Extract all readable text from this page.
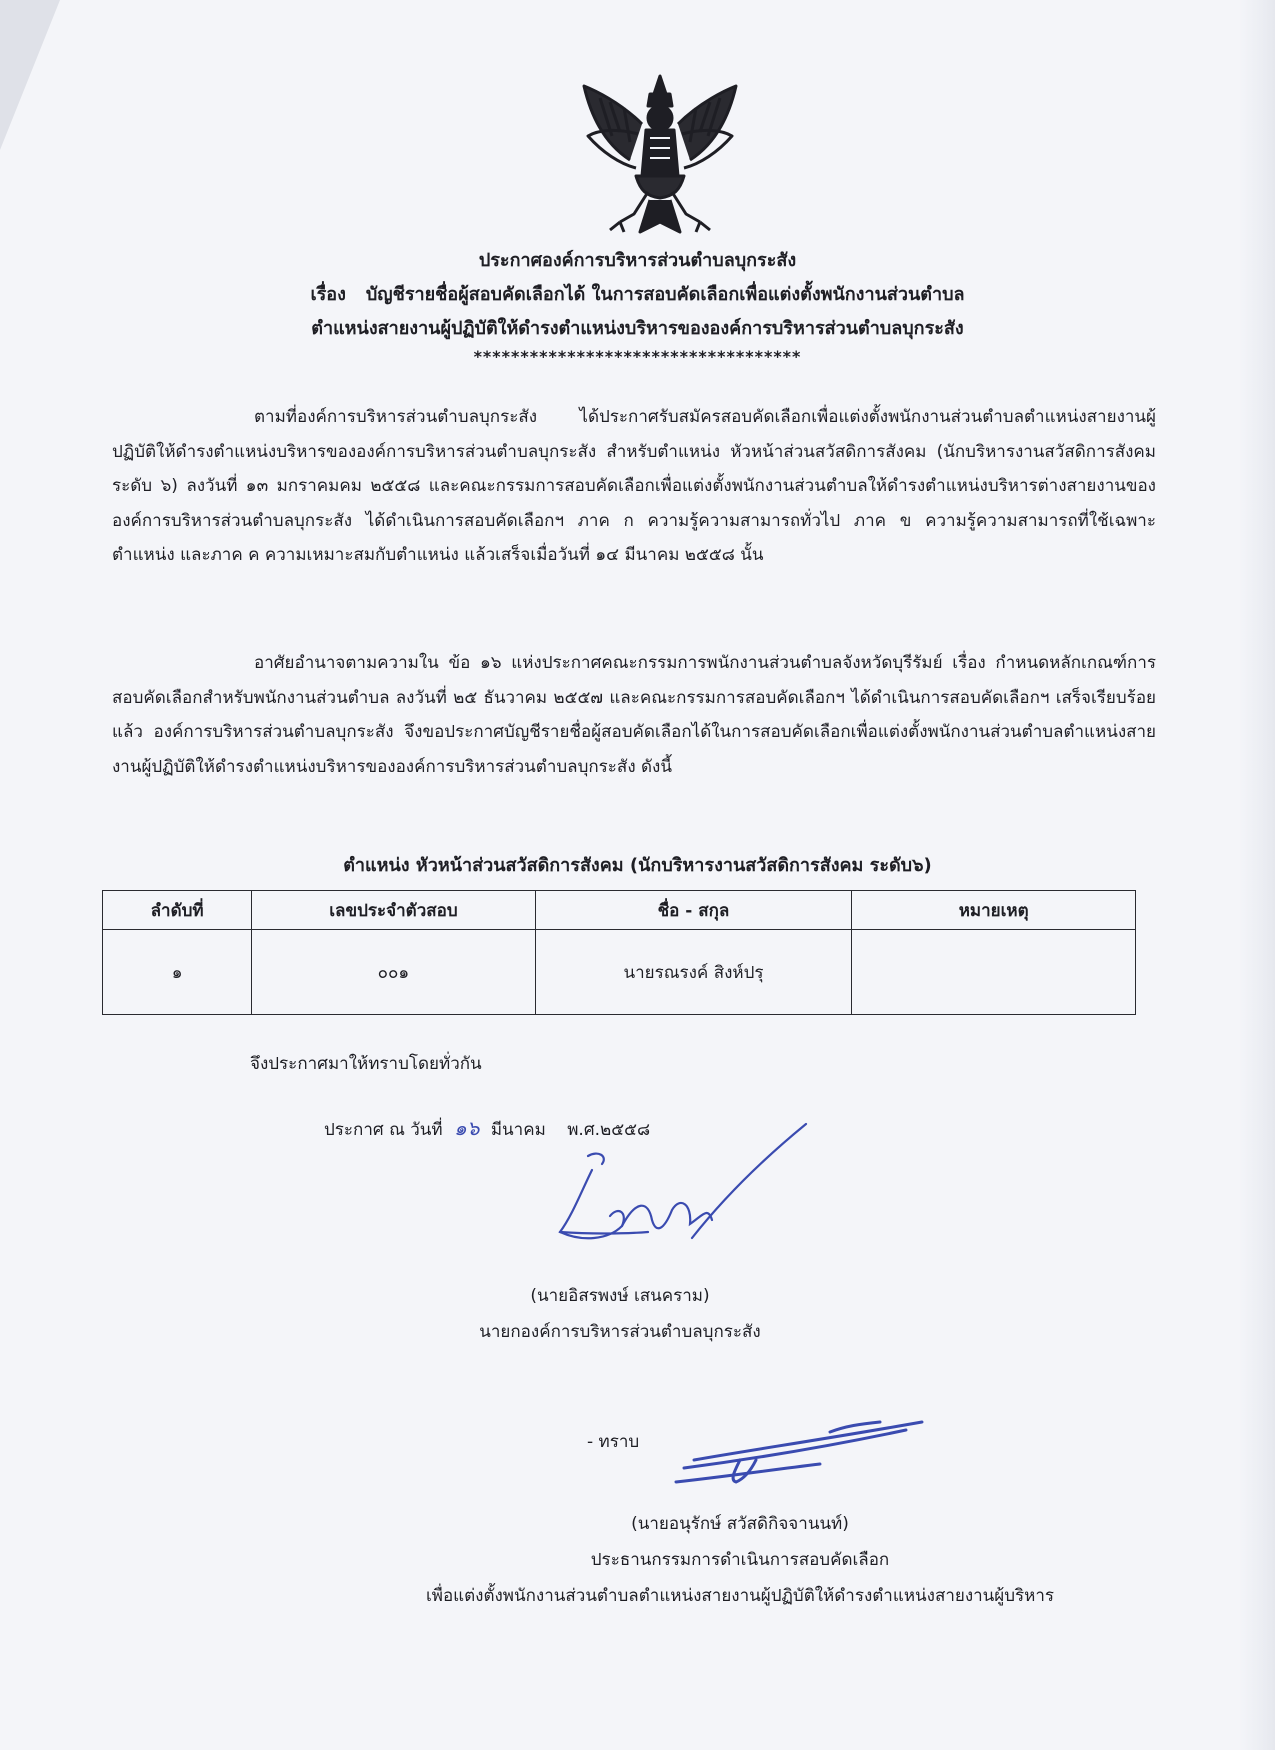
ประกาศองค์การบริหารส่วนตำบลบุกระสัง
เรื่อง บัญชีรายชื่อผู้สอบคัดเลือกได้ ในการสอบคัดเลือกเพื่อแต่งตั้งพนักงานส่วนตำบล
ตำแหน่งสายงานผู้ปฏิบัติให้ดำรงตำแหน่งบริหารขององค์การบริหารส่วนตำบลบุกระสัง
***********************************
ตามที่องค์การบริหารส่วนตำบลบุกระสัง ได้ประกาศรับสมัครสอบคัดเลือกเพื่อแต่งตั้งพนักงานส่วนตำบลตำแหน่งสายงานผู้ปฏิบัติให้ดำรงตำแหน่งบริหารขององค์การบริหารส่วนตำบลบุกระสัง สำหรับตำแหน่ง หัวหน้าส่วนสวัสดิการสังคม (นักบริหารงานสวัสดิการสังคม ระดับ ๖) ลงวันที่ ๑๓ มกราคมคม ๒๕๕๘ และคณะกรรมการสอบคัดเลือกเพื่อแต่งตั้งพนักงานส่วนตำบลให้ดำรงตำแหน่งบริหารต่างสายงานขององค์การบริหารส่วนตำบลบุกระสัง ได้ดำเนินการสอบคัดเลือกฯ ภาค ก ความรู้ความสามารถทั่วไป ภาค ข ความรู้ความสามารถที่ใช้เฉพาะตำแหน่ง และภาค ค ความเหมาะสมกับตำแหน่ง แล้วเสร็จเมื่อวันที่ ๑๔ มีนาคม ๒๕๕๘ นั้น
อาศัยอำนาจตามความใน ข้อ ๑๖ แห่งประกาศคณะกรรมการพนักงานส่วนตำบลจังหวัดบุรีรัมย์ เรื่อง กำหนดหลักเกณฑ์การสอบคัดเลือกสำหรับพนักงานส่วนตำบล ลงวันที่ ๒๕ ธันวาคม ๒๕๕๗ และคณะกรรมการสอบคัดเลือกฯ ได้ดำเนินการสอบคัดเลือกฯ เสร็จเรียบร้อยแล้ว องค์การบริหารส่วนตำบลบุกระสัง จึงขอประกาศบัญชีรายชื่อผู้สอบคัดเลือกได้ในการสอบคัดเลือกเพื่อแต่งตั้งพนักงานส่วนตำบลตำแหน่งสายงานผู้ปฏิบัติให้ดำรงตำแหน่งบริหารขององค์การบริหารส่วนตำบลบุกระสัง ดังนี้
ตำแหน่ง หัวหน้าส่วนสวัสดิการสังคม (นักบริหารงานสวัสดิการสังคม ระดับ๖)
ลำดับที่	เลขประจำตัวสอบ	ชื่อ - สกุล	หมายเหตุ
๑	๐๐๑	นายรณรงค์ สิงห์ปรุ	
จึงประกาศมาให้ทราบโดยทั่วกัน
ประกาศ ณ วันที่ ๑๖ มีนาคม พ.ศ.๒๕๕๘
(นายอิสรพงษ์ เสนคราม)
นายกองค์การบริหารส่วนตำบลบุกระสัง
- ทราบ
(นายอนุรักษ์ สวัสดิกิจจานนท์)
ประธานกรรมการดำเนินการสอบคัดเลือก
เพื่อแต่งตั้งพนักงานส่วนตำบลตำแหน่งสายงานผู้ปฏิบัติให้ดำรงตำแหน่งสายงานผู้บริหาร
